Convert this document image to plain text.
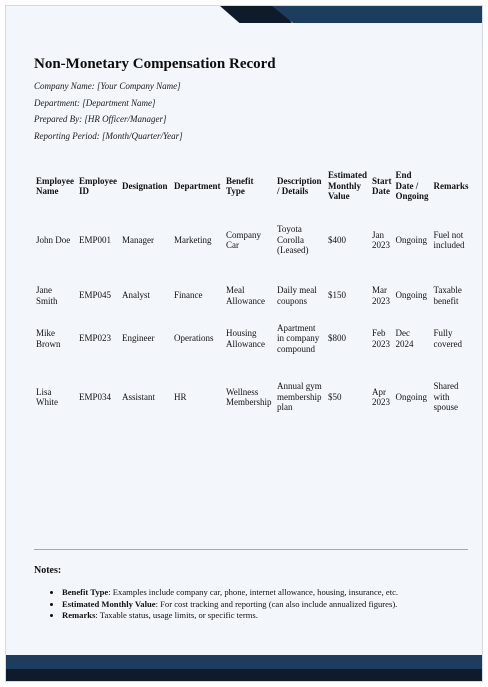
Non-Monetary Compensation Record
Company Name: [Your Company Name]
Department: [Department Name]
Prepared By: [HR Officer/Manager]
Reporting Period: [Month/Quarter/Year]
Employee Name	Employee ID	Designation	Department	Benefit Type	Description / Details	Estimated Monthly Value	Start Date	End Date / Ongoing	Remarks
John Doe	EMP001	Manager	Marketing	Company Car	Toyota Corolla (Leased)	$400	Jan 2023	Ongoing	Fuel not included
Jane Smith	EMP045	Analyst	Finance	Meal Allowance	Daily meal coupons	$150	Mar 2023	Ongoing	Taxable benefit
Mike Brown	EMP023	Engineer	Operations	Housing Allowance	Apartment in company compound	$800	Feb 2023	Dec 2024	Fully covered
Lisa White	EMP034	Assistant	HR	Wellness Membership	Annual gym membership plan	$50	Apr 2023	Ongoing	Shared with spouse
Notes:
• Benefit Type: Examples include company car, phone, internet allowance, housing, insurance, etc.
• Estimated Monthly Value: For cost tracking and reporting (can also include annualized figures).
• Remarks: Taxable status, usage limits, or specific terms.
